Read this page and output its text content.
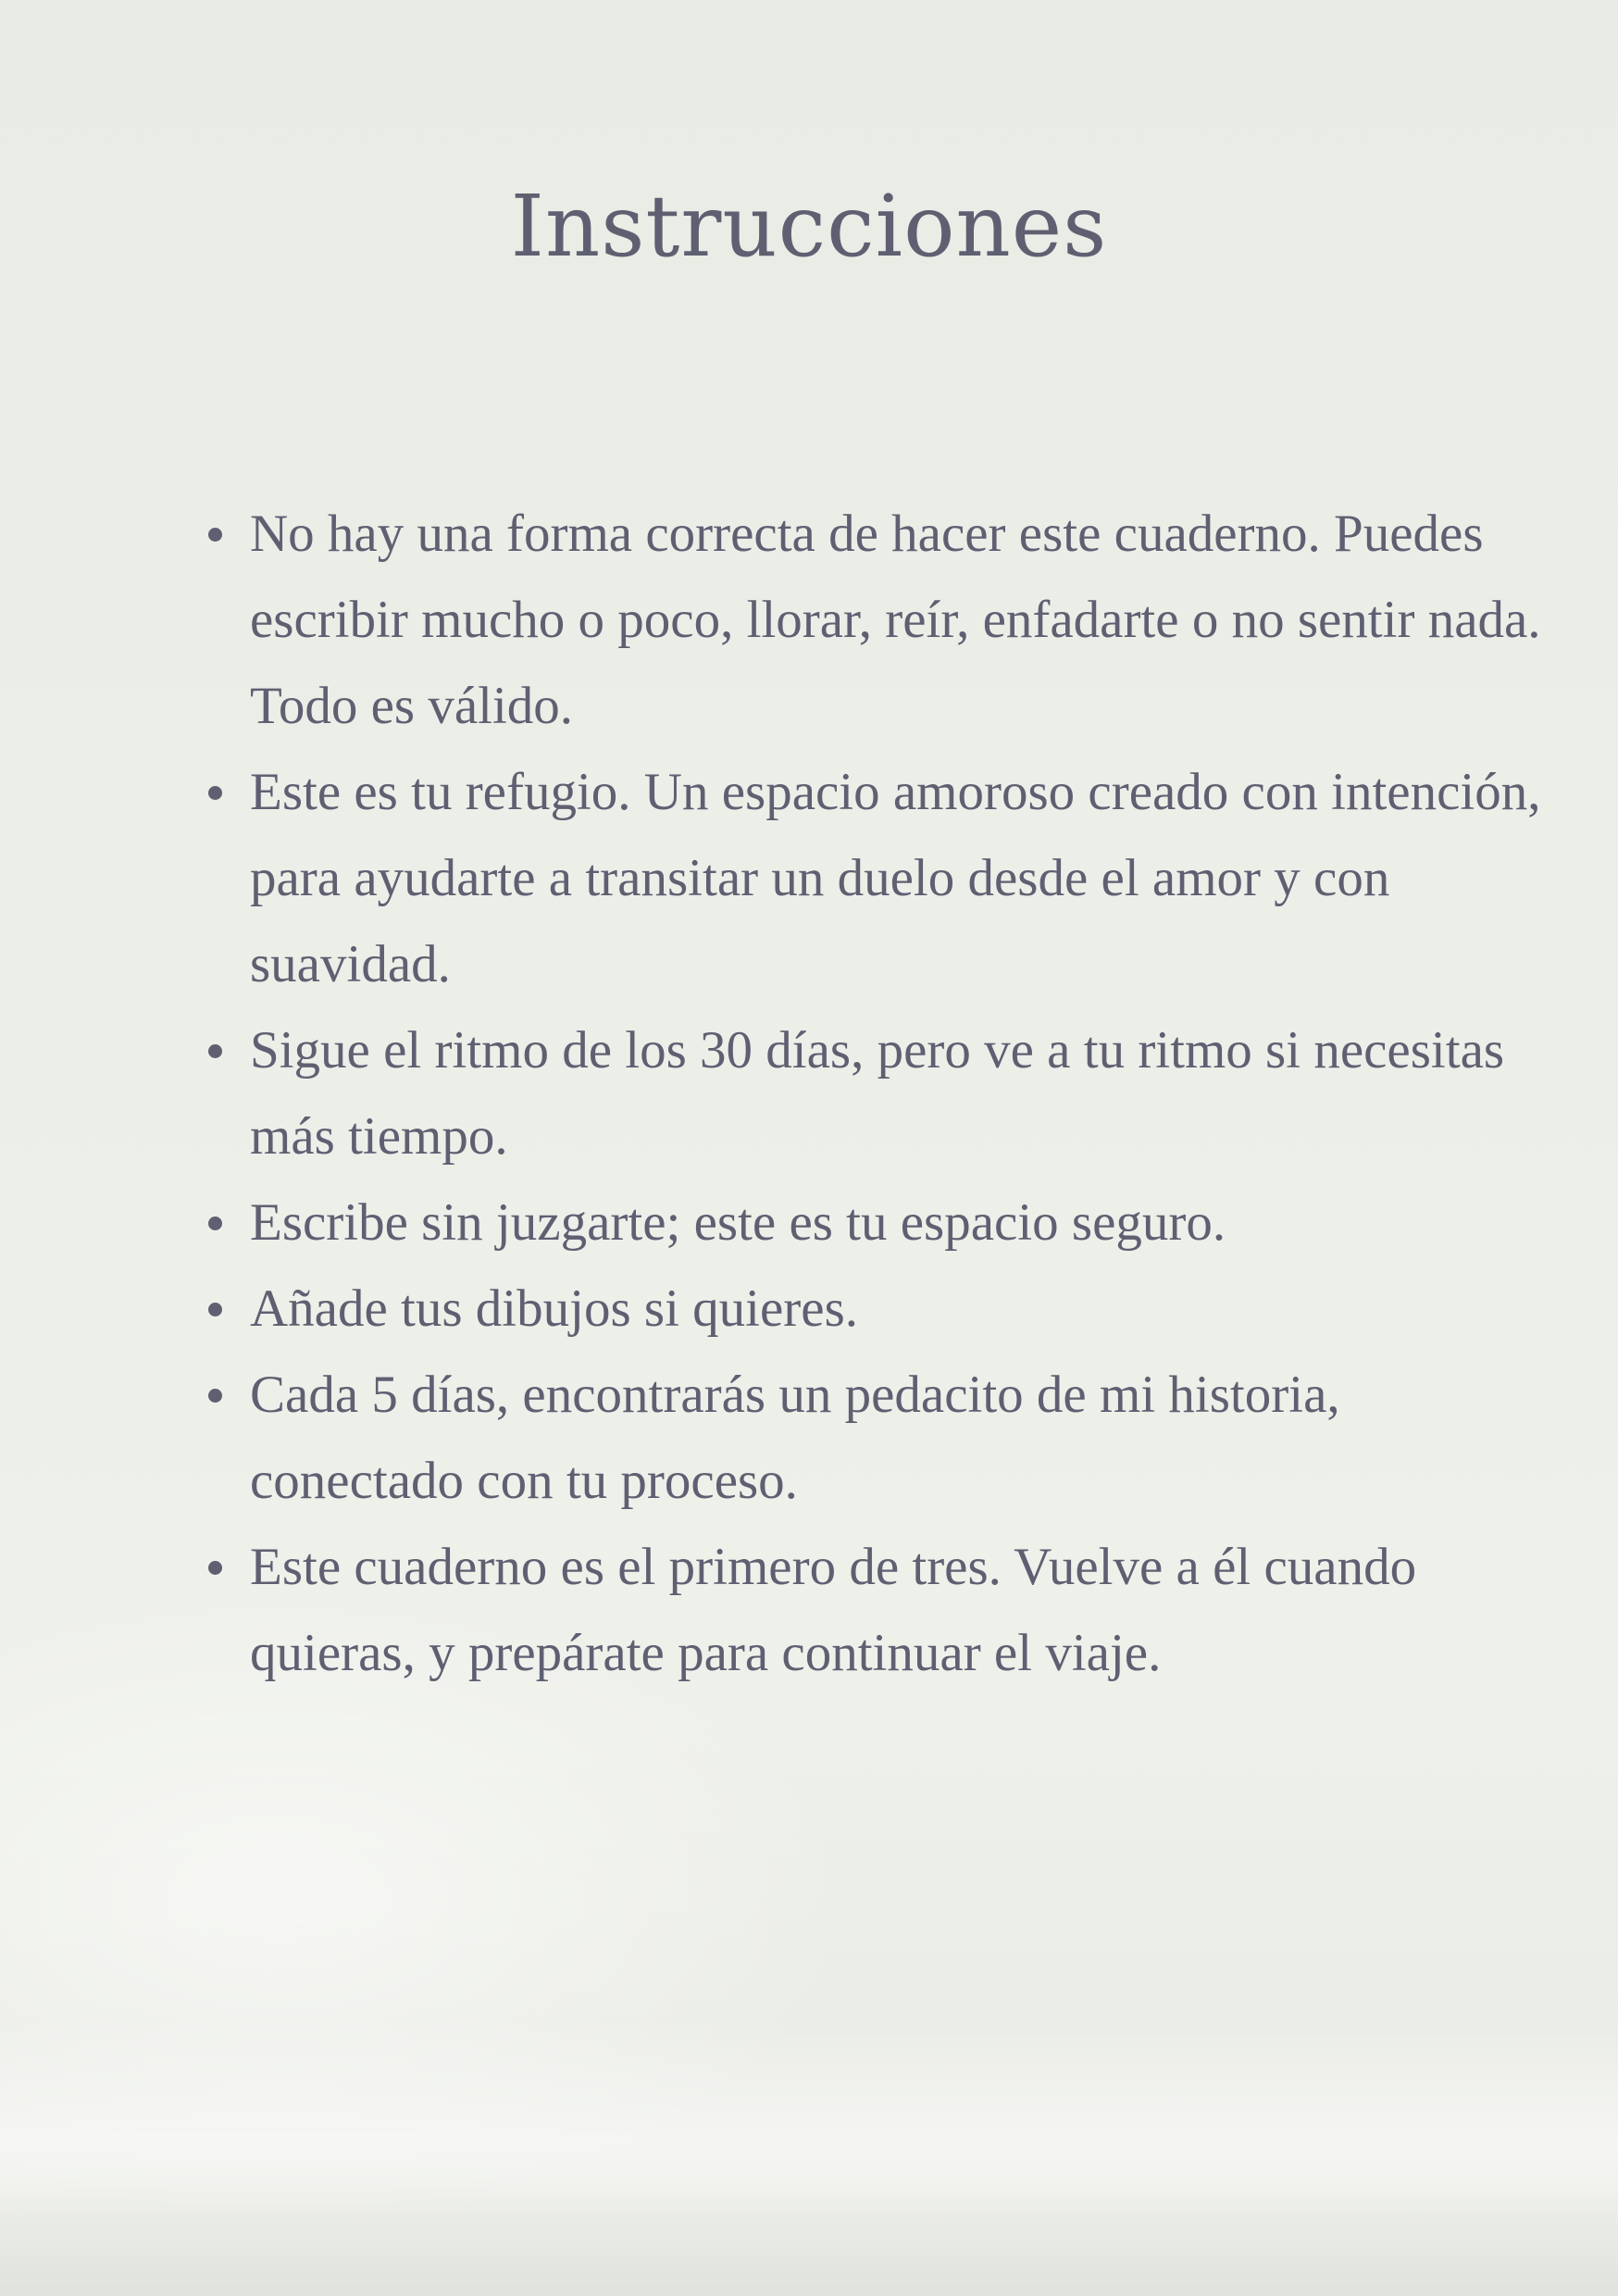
Instrucciones
No hay una forma correcta de hacer este cuaderno. Puedes escribir mucho o poco, llorar, reír, enfadarte o no sentir nada. Todo es válido.
Este es tu refugio. Un espacio amoroso creado con intención, para ayudarte a transitar un duelo desde el amor y con suavidad.
Sigue el ritmo de los 30 días, pero ve a tu ritmo si necesitas más tiempo.
Escribe sin juzgarte; este es tu espacio seguro.
Añade tus dibujos si quieres.
Cada 5 días, encontrarás un pedacito de mi historia, conectado con tu proceso.
Este cuaderno es el primero de tres. Vuelve a él cuando quieras, y prepárate para continuar el viaje.
